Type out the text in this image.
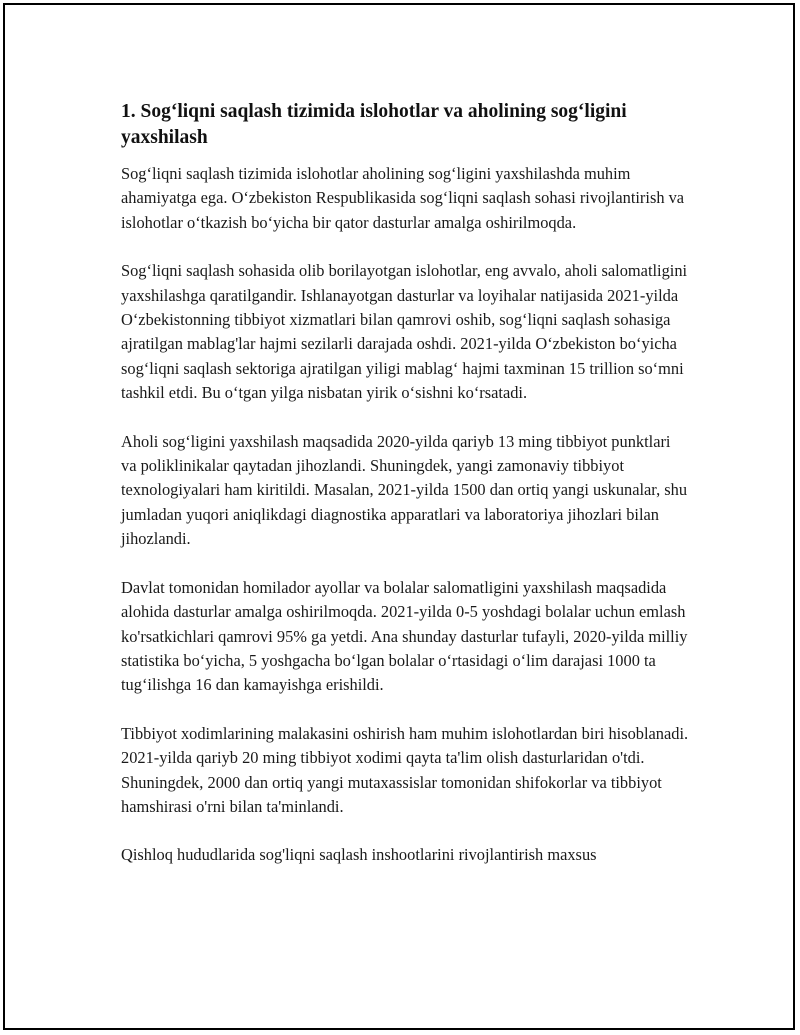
1. Sog‘liqni saqlash tizimida islohotlar va aholining sog‘ligini yaxshilash

Sog‘liqni saqlash tizimida islohotlar aholining sog‘ligini yaxshilashda muhim ahamiyatga ega. O‘zbekiston Respublikasida sog‘liqni saqlash sohasi rivojlantirish va islohotlar o‘tkazish bo‘yicha bir qator dasturlar amalga oshirilmoqda.

Sog‘liqni saqlash sohasida olib borilayotgan islohotlar, eng avvalo, aholi salomatligini yaxshilashga qaratilgandir. Ishlanayotgan dasturlar va loyihalar natijasida 2021-yilda O‘zbekistonning tibbiyot xizmatlari bilan qamrovi oshib, sog‘liqni saqlash sohasiga ajratilgan mablag'lar hajmi sezilarli darajada oshdi. 2021-yilda O‘zbekiston bo‘yicha sog‘liqni saqlash sektoriga ajratilgan yiligi mablag‘ hajmi taxminan 15 trillion so‘mni tashkil etdi. Bu o‘tgan yilga nisbatan yirik o‘sishni ko‘rsatadi.

Aholi sog‘ligini yaxshilash maqsadida 2020-yilda qariyb 13 ming tibbiyot punktlari va poliklinikalar qaytadan jihozlandi. Shuningdek, yangi zamonaviy tibbiyot texnologiyalari ham kiritildi. Masalan, 2021-yilda 1500 dan ortiq yangi uskunalar, shu jumladan yuqori aniqlikdagi diagnostika apparatlari va laboratoriya jihozlari bilan jihozlandi.

Davlat tomonidan homilador ayollar va bolalar salomatligini yaxshilash maqsadida alohida dasturlar amalga oshirilmoqda. 2021-yilda 0-5 yoshdagi bolalar uchun emlash ko'rsatkichlari qamrovi 95% ga yetdi. Ana shunday dasturlar tufayli, 2020-yilda milliy statistika bo‘yicha, 5 yoshgacha bo‘lgan bolalar o‘rtasidagi o‘lim darajasi 1000 ta tug‘ilishga 16 dan kamayishga erishildi.

Tibbiyot xodimlarining malakasini oshirish ham muhim islohotlardan biri hisoblanadi. 2021-yilda qariyb 20 ming tibbiyot xodimi qayta ta'lim olish dasturlaridan o'tdi. Shuningdek, 2000 dan ortiq yangi mutaxassislar tomonidan shifokorlar va tibbiyot hamshirasi o'rni bilan ta'minlandi.

Qishloq hududlarida sog'liqni saqlash inshootlarini rivojlantirish maxsus
